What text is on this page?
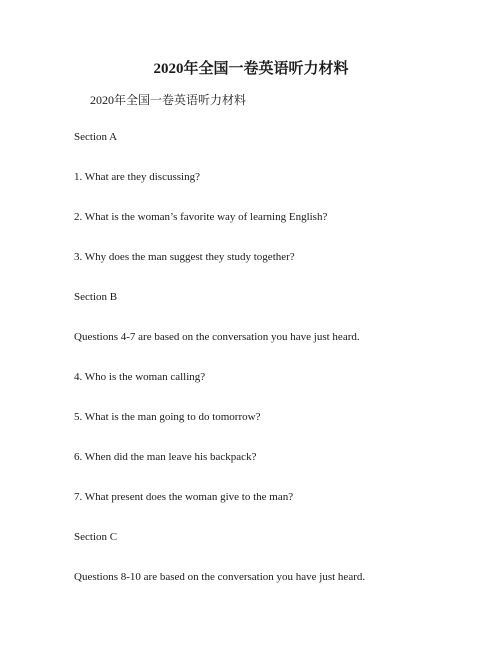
2020年全国一卷英语听力材料
2020年全国一卷英语听力材料
Section A
1. What are they discussing?
2. What is the woman’s favorite way of learning English?
3. Why does the man suggest they study together?
Section B
Questions 4-7 are based on the conversation you have just heard.
4. Who is the woman calling?
5. What is the man going to do tomorrow?
6. When did the man leave his backpack?
7. What present does the woman give to the man?
Section C
Questions 8-10 are based on the conversation you have just heard.
